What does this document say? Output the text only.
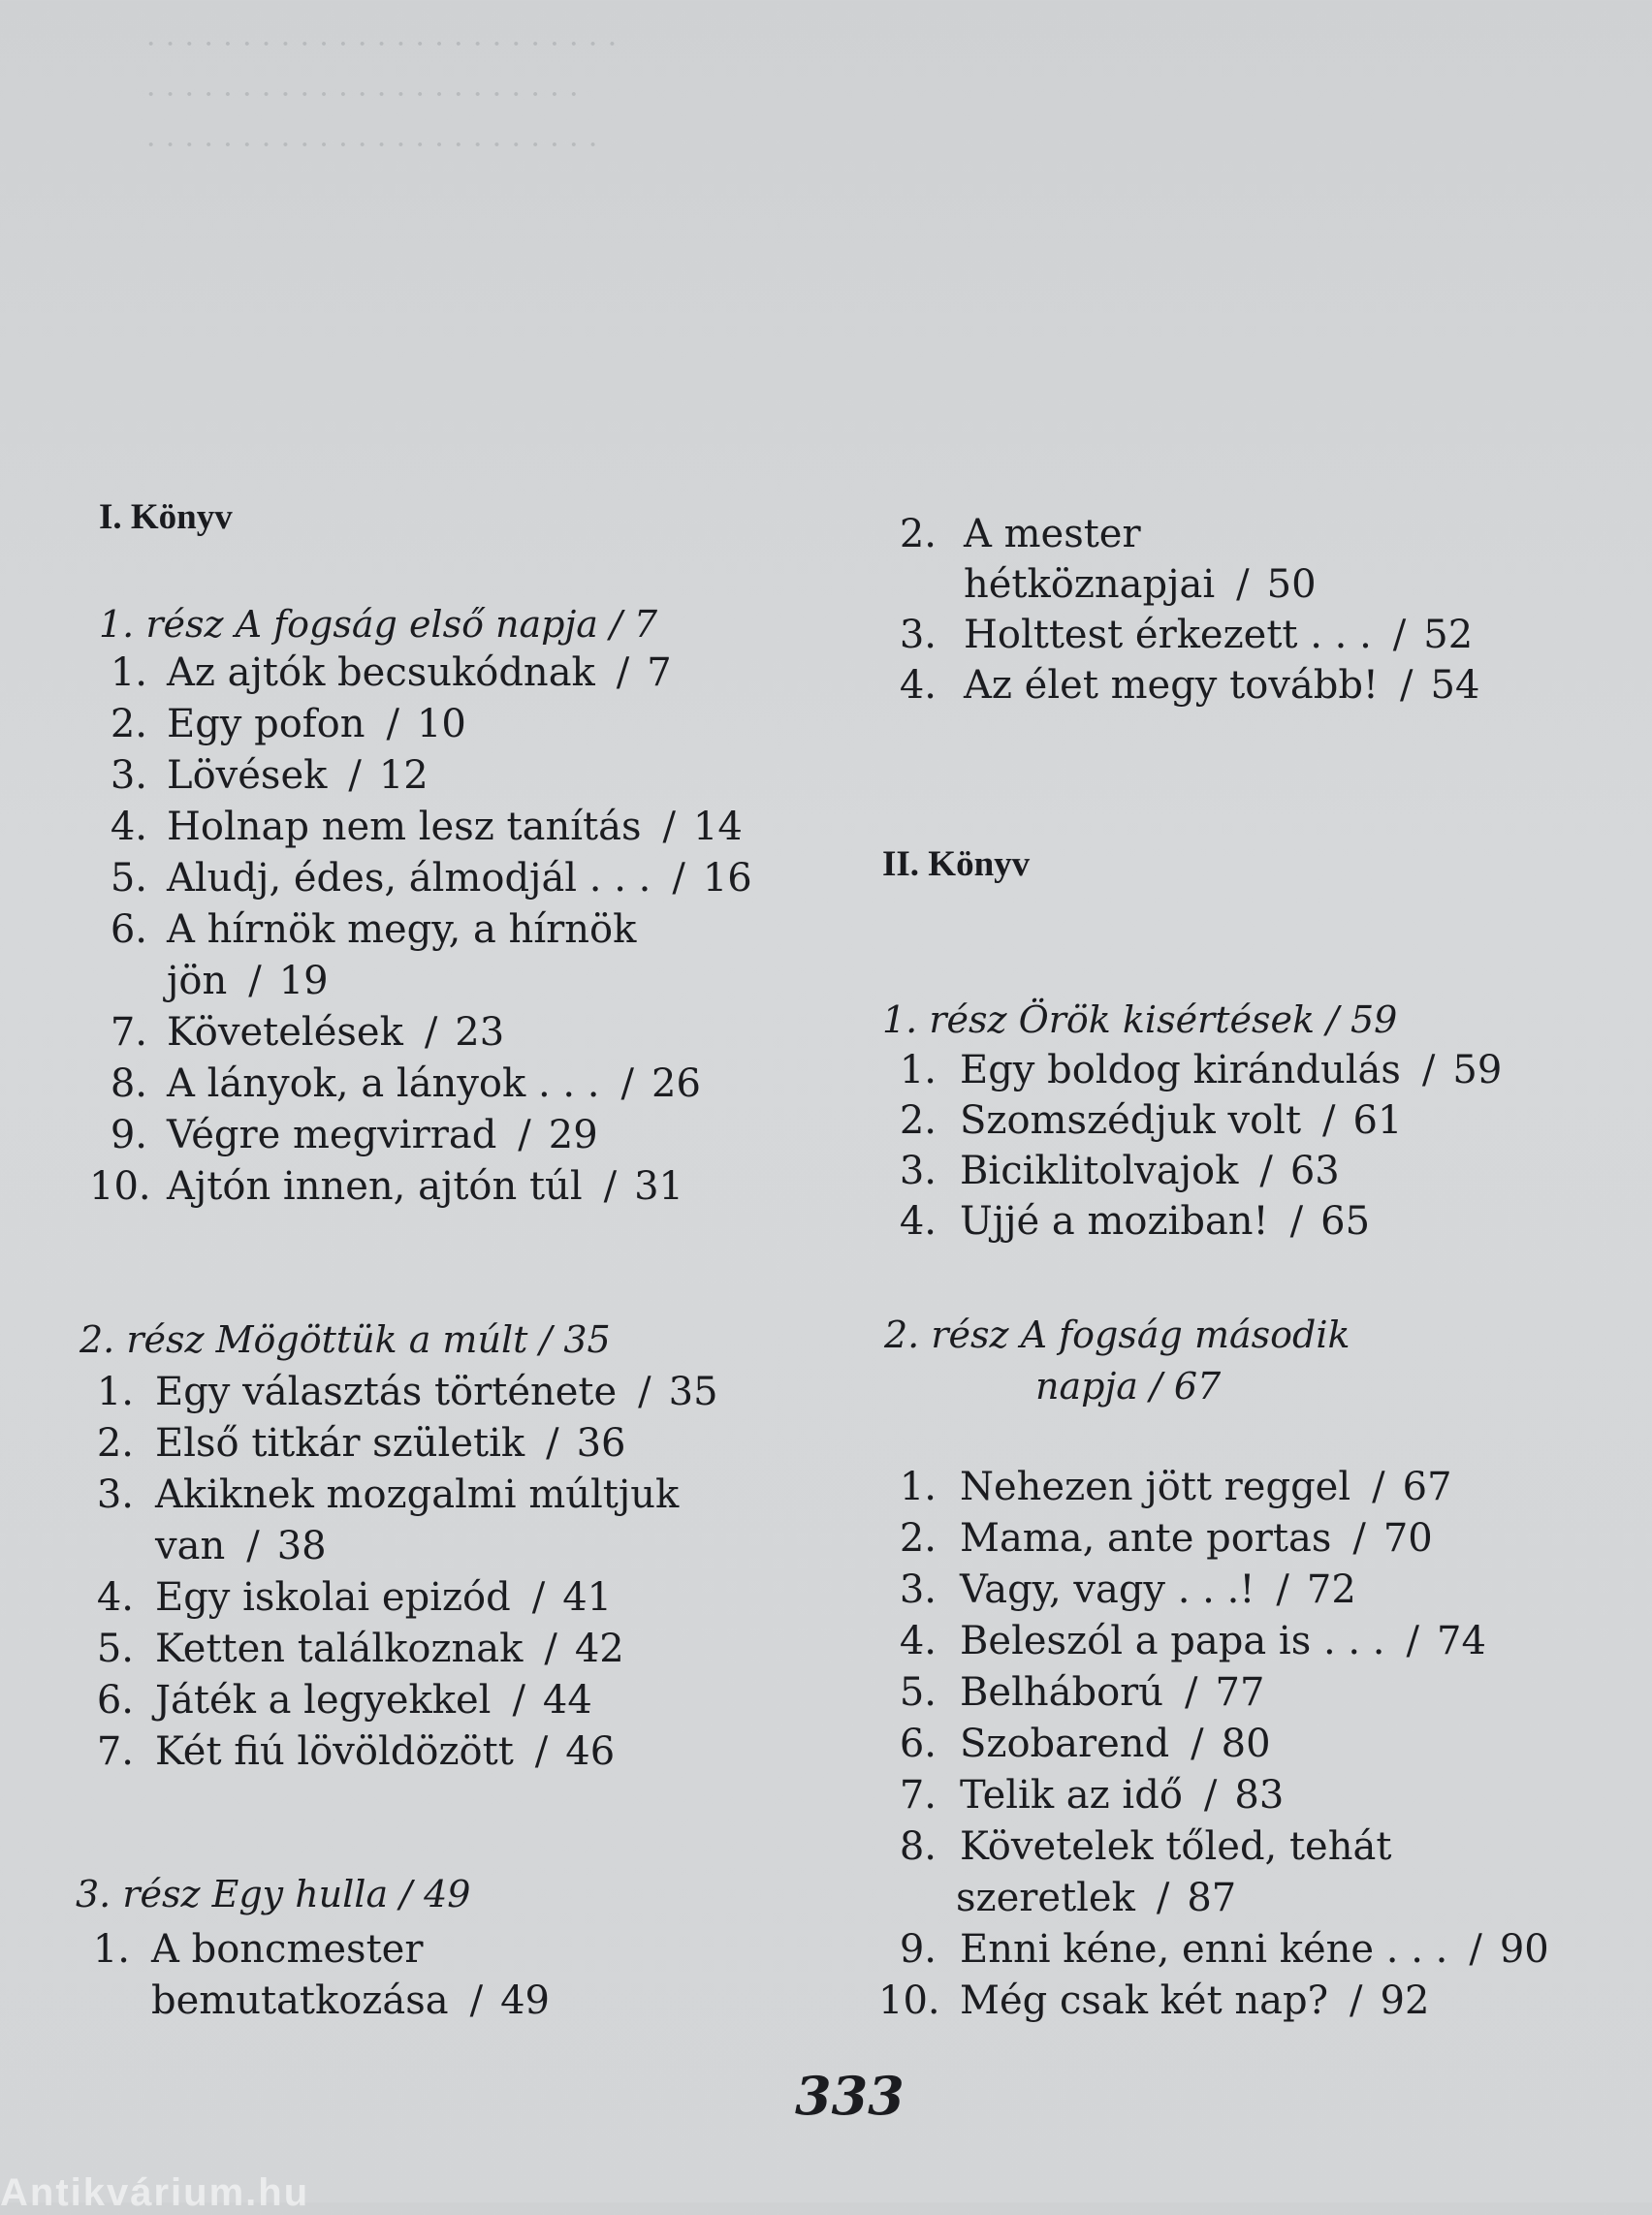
· · · · · · · · · · · · · · · · · · · · · · · · ·
· · · · · · · · · · · · · · · · · · · · · · ·
· · · · · · · · · · · · · · · · · · · · · · · ·
I. Könyv
1. rész A fogság első napja / 7
1. Az ajtók becsukódnak / 7
2. Egy pofon / 10
3. Lövések / 12
4. Holnap nem lesz tanítás / 14
5. Aludj, édes, álmodjál . . . / 16
6. A hírnök megy, a hírnök
jön / 19
7. Követelések / 23
8. A lányok, a lányok . . . / 26
9. Végre megvirrad / 29
10. Ajtón innen, ajtón túl / 31
2. rész Mögöttük a múlt / 35
1. Egy választás története / 35
2. Első titkár születik / 36
3. Akiknek mozgalmi múltjuk
van / 38
4. Egy iskolai epizód / 41
5. Ketten találkoznak / 42
6. Játék a legyekkel / 44
7. Két fiú lövöldözött / 46
3. rész Egy hulla / 49
1. A boncmester
bemutatkozása / 49
2. A mester
hétköznapjai / 50
3. Holttest érkezett . . . / 52
4. Az élet megy tovább! / 54
II. Könyv
1. rész Örök kisértések / 59
1. Egy boldog kirándulás / 59
2. Szomszédjuk volt / 61
3. Biciklitolvajok / 63
4. Ujjé a moziban! / 65
2. rész A fogság második
napja / 67
1. Nehezen jött reggel / 67
2. Mama, ante portas / 70
3. Vagy, vagy . . .! / 72
4. Beleszól a papa is . . . / 74
5. Belháború / 77
6. Szobarend / 80
7. Telik az idő / 83
8. Követelek tőled, tehát
szeretlek / 87
9. Enni kéne, enni kéne . . . / 90
10. Még csak két nap? / 92
333
Antikvárium.hu
